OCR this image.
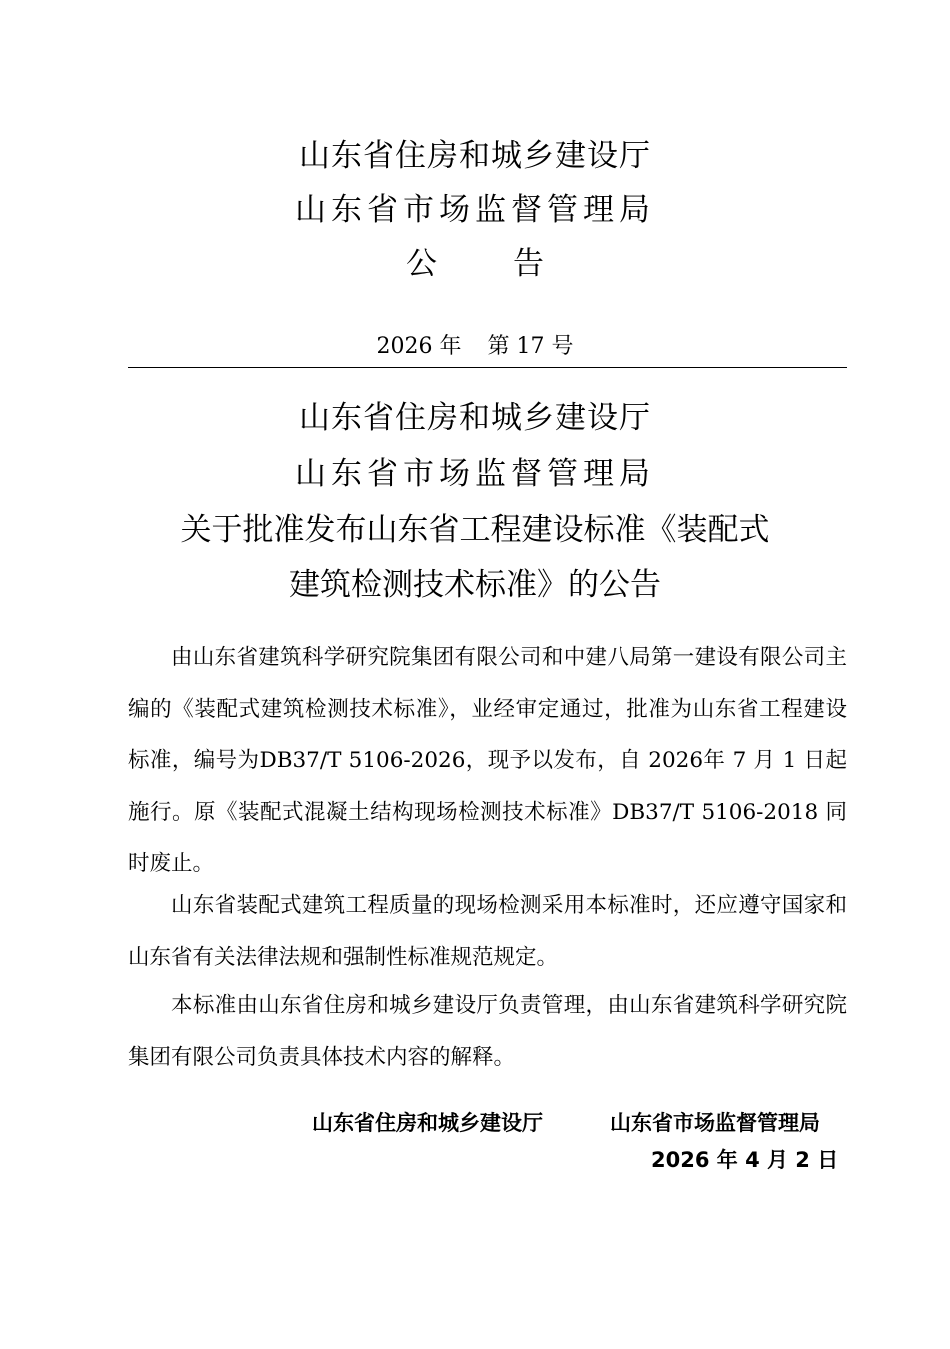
山东省住房和城乡建设厅
山东省市场监督管理局
公 告
2026 年 第 17 号
山东省住房和城乡建设厅
山东省市场监督管理局
关于批准发布山东省工程建设标准《装配式
建筑检测技术标准》的公告
由山东省建筑科学研究院集团有限公司和中建八局第一建设有限公司主编的《装配式建筑检测技术标准》，业经审定通过，批准为山东省工程建设标准，编号为DB37/T 5106-2026，现予以发布，自 2026年 7 月 1 日起施行。原《装配式混凝土结构现场检测技术标准》DB37/T 5106-2018 同时废止。
山东省装配式建筑工程质量的现场检测采用本标准时，还应遵守国家和山东省有关法律法规和强制性标准规范规定。
本标准由山东省住房和城乡建设厅负责管理，由山东省建筑科学研究院集团有限公司负责具体技术内容的解释。
山东省住房和城乡建设厅	山东省市场监督管理局
2026 年 4 月 2 日
